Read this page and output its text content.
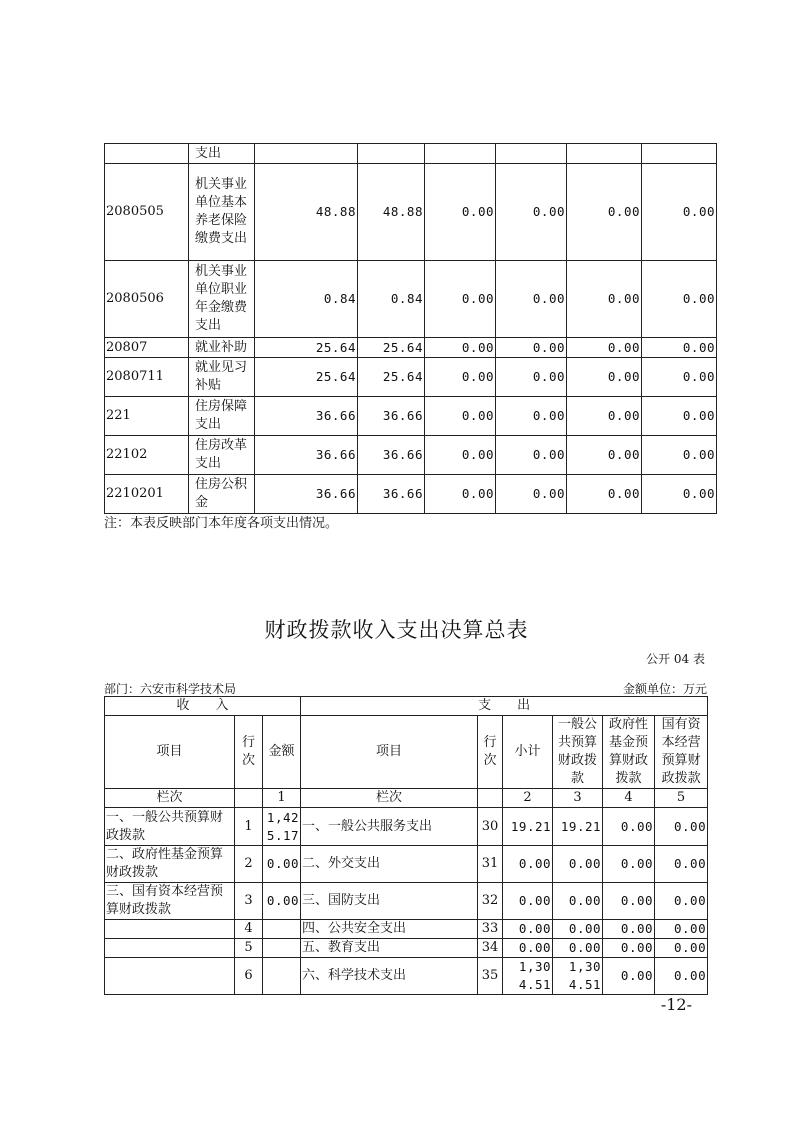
	支出						
2080505	机关事业单位基本养老保险缴费支出	48.88	48.88	0.00	0.00	0.00	0.00
2080506	机关事业单位职业年金缴费支出	0.84	0.84	0.00	0.00	0.00	0.00
20807	就业补助	25.64	25.64	0.00	0.00	0.00	0.00
2080711	就业见习补贴	25.64	25.64	0.00	0.00	0.00	0.00
221	住房保障支出	36.66	36.66	0.00	0.00	0.00	0.00
22102	住房改革支出	36.66	36.66	0.00	0.00	0.00	0.00
2210201	住房公积金	36.66	36.66	0.00	0.00	0.00	0.00
注：本表反映部门本年度各项支出情况。
财政拨款收入支出决算总表
公开 04 表
部门：六安市科学技术局	金额单位：万元
收　　入			支　　出					
项目	行次	金额	项目	行次	小计	一般公共预算财政拨款	政府性基金预算财政拨款	国有资本经营预算财政拨款
栏次		1	栏次		2	3	4	5
一、一般公共预算财政拨款	1	1,425.17	一、一般公共服务支出	30	19.21	19.21	0.00	0.00
二、政府性基金预算财政拨款	2	0.00	二、外交支出	31	0.00	0.00	0.00	0.00
三、国有资本经营预算财政拨款	3	0.00	三、国防支出	32	0.00	0.00	0.00	0.00
	4		四、公共安全支出	33	0.00	0.00	0.00	0.00
	5		五、教育支出	34	0.00	0.00	0.00	0.00
	6		六、科学技术支出	35	1,304.51	1,304.51	0.00	0.00
-12-
